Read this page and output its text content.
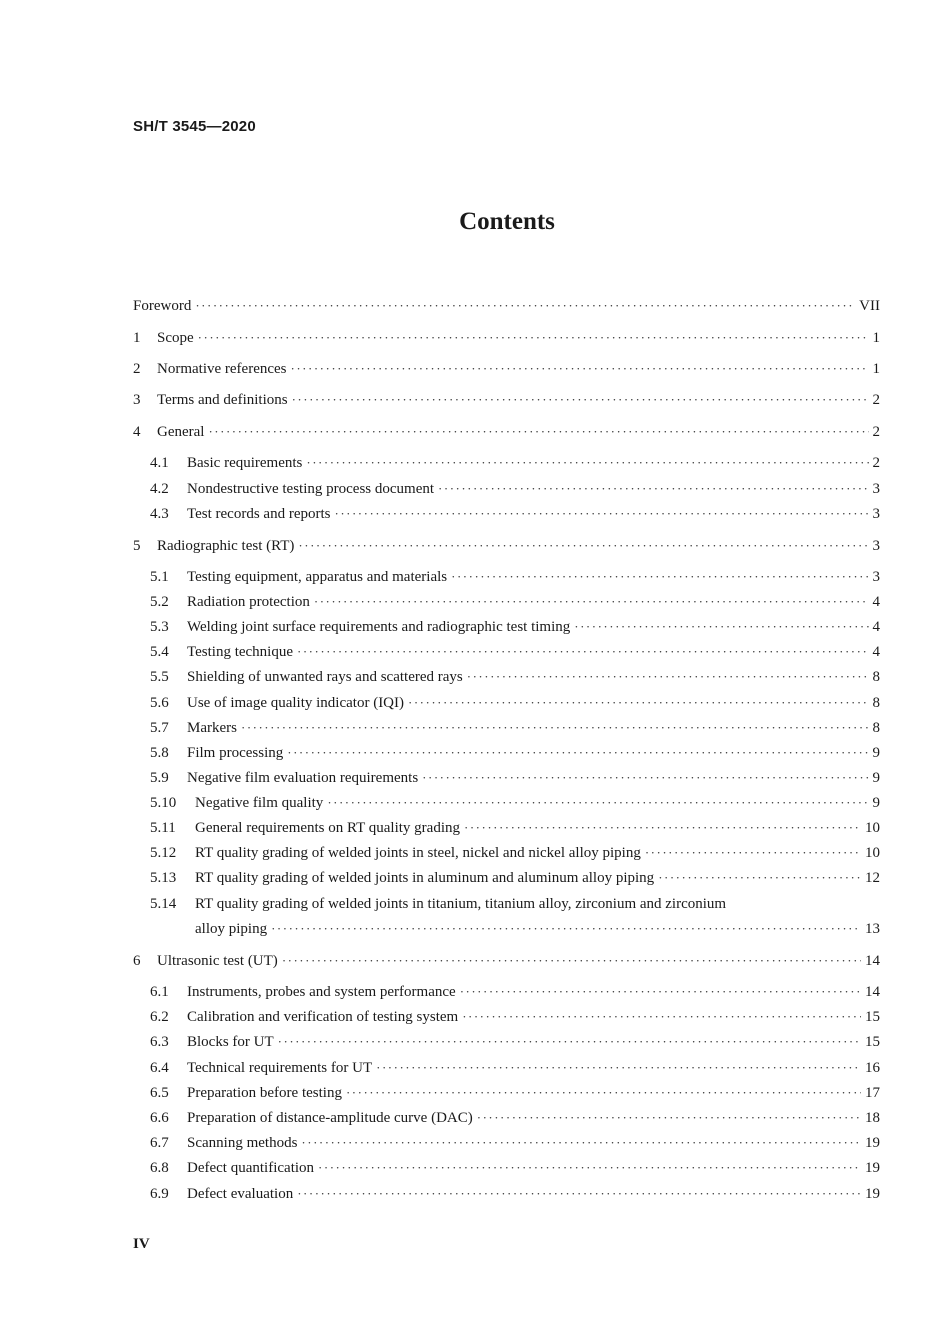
SH/T 3545—2020
Contents
Foreword ·····	VII
1 Scope ·····	1
2 Normative references ·····	1
3 Terms and definitions ·····	2
4 General ·····	2
4.1 Basic requirements ·····	2
4.2 Nondestructive testing process document ·····	3
4.3 Test records and reports ·····	3
5 Radiographic test (RT) ·····	3
5.1 Testing equipment, apparatus and materials ·····	3
5.2 Radiation protection ·····	4
5.3 Welding joint surface requirements and radiographic test timing ·····	4
5.4 Testing technique ·····	4
5.5 Shielding of unwanted rays and scattered rays ·····	8
5.6 Use of image quality indicator (IQI) ·····	8
5.7 Markers ·····	8
5.8 Film processing ·····	9
5.9 Negative film evaluation requirements ·····	9
5.10 Negative film quality ·····	9
5.11 General requirements on RT quality grading ·····	10
5.12 RT quality grading of welded joints in steel, nickel and nickel alloy piping ·····	10
5.13 RT quality grading of welded joints in aluminum and aluminum alloy piping ·····	12
5.14 RT quality grading of welded joints in titanium, titanium alloy, zirconium and zirconium
alloy piping ·····	13
6 Ultrasonic test (UT) ·····	14
6.1 Instruments, probes and system performance ·····	14
6.2 Calibration and verification of testing system ·····	15
6.3 Blocks for UT ·····	15
6.4 Technical requirements for UT ·····	16
6.5 Preparation before testing ·····	17
6.6 Preparation of distance-amplitude curve (DAC) ·····	18
6.7 Scanning methods ·····	19
6.8 Defect quantification ·····	19
6.9 Defect evaluation ·····	19
IV
